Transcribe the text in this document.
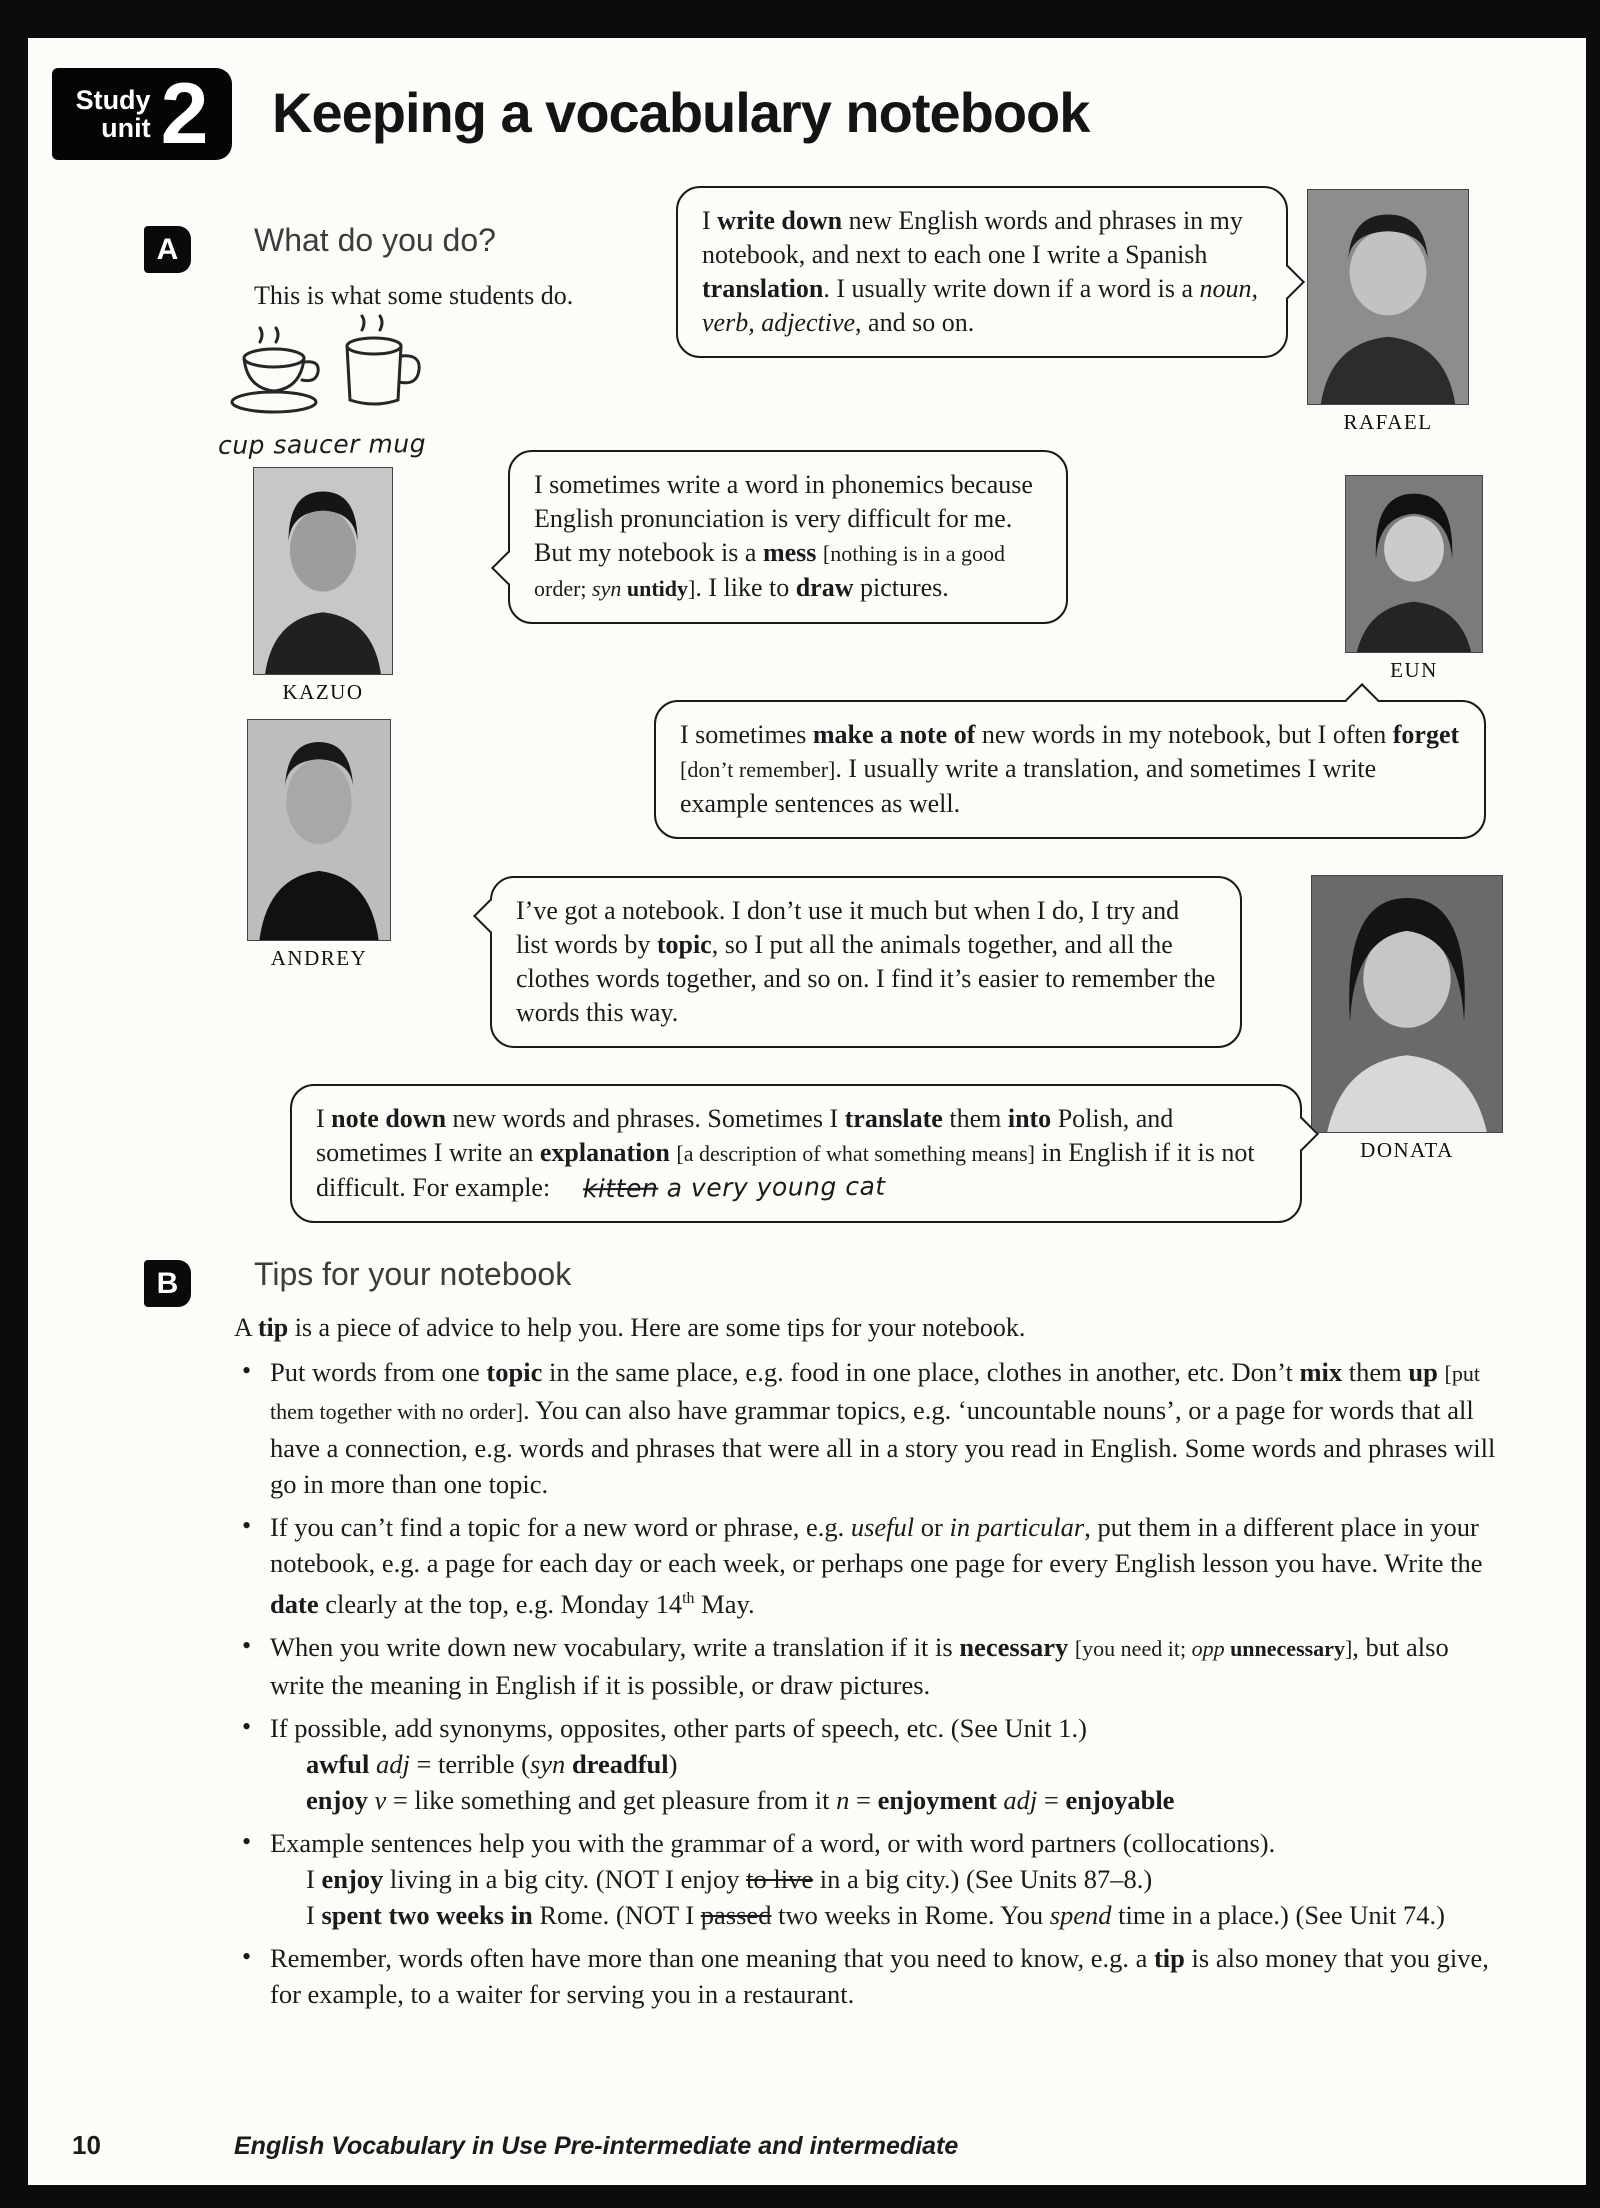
Study
unit 2 Keeping a vocabulary notebook
A	What do you do?
This is what some students do.
cup saucer mug
I write down new English words and phrases in my notebook, and next to each one I write a Spanish translation. I usually write down if a word is a noun, verb, adjective, and so on.
RAFAEL
KAZUO
I sometimes write a word in phonemics because English pronunciation is very difficult for me. But my notebook is a mess [nothing is in a good order; syn untidy]. I like to draw pictures.
EUN
I sometimes make a note of new words in my notebook, but I often forget [don’t remember]. I usually write a translation, and sometimes I write example sentences as well.
ANDREY
I’ve got a notebook. I don’t use it much but when I do, I try and list words by topic, so I put all the animals together, and all the clothes words together, and so on. I find it’s easier to remember the words this way.
DONATA
I note down new words and phrases. Sometimes I translate them into Polish, and sometimes I write an explanation [a description of what something means] in English if it is not difficult. For example: kitten a very young cat
B	Tips for your notebook
A tip is a piece of advice to help you. Here are some tips for your notebook.
• Put words from one topic in the same place, e.g. food in one place, clothes in another, etc. Don’t mix them up [put them together with no order]. You can also have grammar topics, e.g. ‘uncountable nouns’, or a page for words that all have a connection, e.g. words and phrases that were all in a story you read in English. Some words and phrases will go in more than one topic.
• If you can’t find a topic for a new word or phrase, e.g. useful or in particular, put them in a different place in your notebook, e.g. a page for each day or each week, or perhaps one page for every English lesson you have. Write the date clearly at the top, e.g. Monday 14th May.
• When you write down new vocabulary, write a translation if it is necessary [you need it; opp unnecessary], but also write the meaning in English if it is possible, or draw pictures.
• If possible, add synonyms, opposites, other parts of speech, etc. (See Unit 1.)
awful adj = terrible (syn dreadful)
enjoy v = like something and get pleasure from it n = enjoyment adj = enjoyable
• Example sentences help you with the grammar of a word, or with word partners (collocations).
I enjoy living in a big city. (NOT I enjoy to live in a big city.) (See Units 87–8.)
I spent two weeks in Rome. (NOT I passed two weeks in Rome. You spend time in a place.) (See Unit 74.)
• Remember, words often have more than one meaning that you need to know, e.g. a tip is also money that you give, for example, to a waiter for serving you in a restaurant.
10	English Vocabulary in Use Pre-intermediate and intermediate
